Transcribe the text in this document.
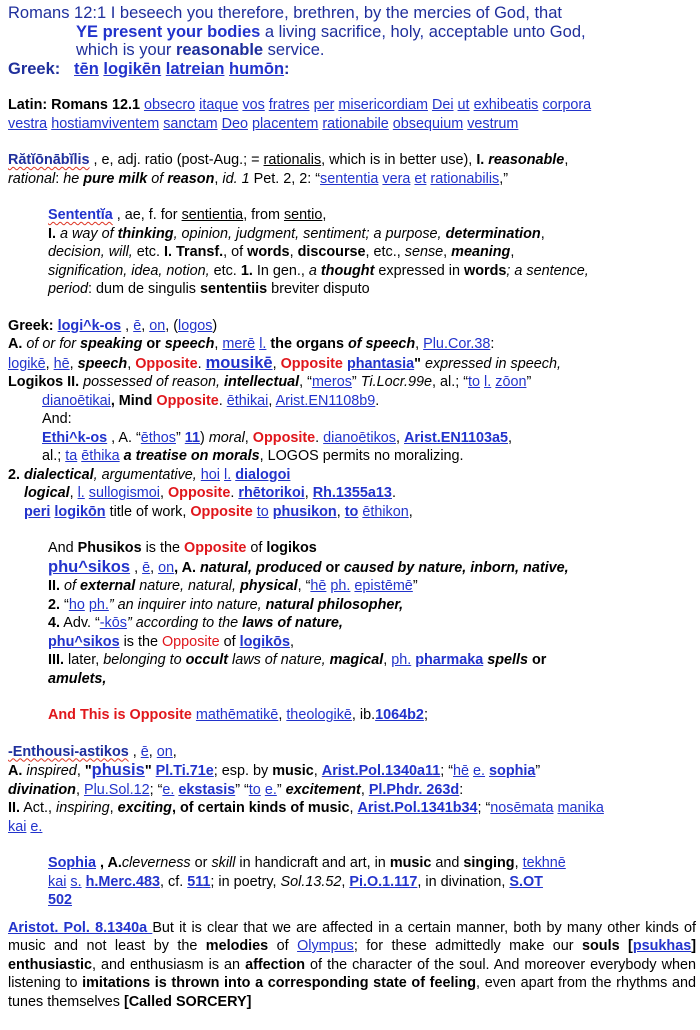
Romans 12:1 I beseech you therefore, brethren, by the mercies of God, that
YE present your bodies a living sacrifice, holy, acceptable unto God,
which is your reasonable service.
Greek: tēn logikēn latreian humōn:
Latin: Romans 12.1 obsecro itaque vos fratres per misericordiam Dei ut exhibeatis corpora
vestra hostiamviventem sanctam Deo placentem rationabile obsequium vestrum
Rătĭōnābĭlis , e, adj. ratio (post-Aug.; = rationalis, which is in better use), I. reasonable,
rational: he pure milk of reason, id. 1 Pet. 2, 2: “sententia vera et rationabilis,”
Sententĭa , ae, f. for sentientia, from sentio,
I. a way of thinking, opinion, judgment, sentiment; a purpose, determination,
decision, will, etc. I. Transf., of words, discourse, etc., sense, meaning,
signification, idea, notion, etc. 1. In gen., a thought expressed in words; a sentence,
period: dum de singulis sententiis breviter disputo
Greek: logi^k-os , ē, on, (logos)
A. of or for speaking or speech, merē l. the organs of speech, Plu.Cor.38:
logikē, hē, speech, Opposite. mousikē, Opposite phantasia" expressed in speech,
Logikos II. possessed of reason, intellectual, “meros” Ti.Locr.99e, al.; “to l. zōon”
dianoētikai, Mind Opposite. ēthikai, Arist.EN1108b9.
And:
Ethi^k-os , A. “ēthos” 11) moral, Opposite. dianoētikos, Arist.EN1103a5,
al.; ta ēthika a treatise on morals, LOGOS permits no moralizing.
2. dialectical, argumentative, hoi l. dialogoi
logical, l. sullogismoi, Opposite. rhētorikoi, Rh.1355a13.
peri logikōn title of work, Opposite to phusikon, to ēthikon,
And Phusikos is the Opposite of logikos
phu^sikos , ē, on, A. natural, produced or caused by nature, inborn, native,
II. of external nature, natural, physical, “hē ph. epistēmē”
2. “ho ph.” an inquirer into nature, natural philosopher,
4. Adv. “-kōs” according to the laws of nature,
phu^sikos is the Opposite of logikōs,
III. later, belonging to occult laws of nature, magical, ph. pharmaka spells or
amulets,
And This is Opposite mathēmatikē, theologikē, ib.1064b2;
-Enthousi-astikos , ē, on,
A. inspired, "phusis" Pl.Ti.71e; esp. by music, Arist.Pol.1340a11; “hē e. sophia”
divination, Plu.Sol.12; “e. ekstasis” “to e.” excitement, Pl.Phdr. 263d:
II. Act., inspiring, exciting, of certain kinds of music, Arist.Pol.1341b34; “nosēmata manika
kai e.
Sophia , A.cleverness or skill in handicraft and art, in music and singing, tekhnē
kai s. h.Merc.483, cf. 511; in poetry, Sol.13.52, Pi.O.1.117, in divination, S.OT
502
Aristot. Pol. 8.1340a But it is clear that we are affected in a certain manner, both by many other kinds of music and not least by the melodies of Olympus; for these admittedly make our souls [psukhas] enthusiastic, and enthusiasm is an affection of the character of the soul. And moreover everybody when listening to imitations is thrown into a corresponding state of feeling, even apart from the rhythms and tunes themselves [Called SORCERY]
